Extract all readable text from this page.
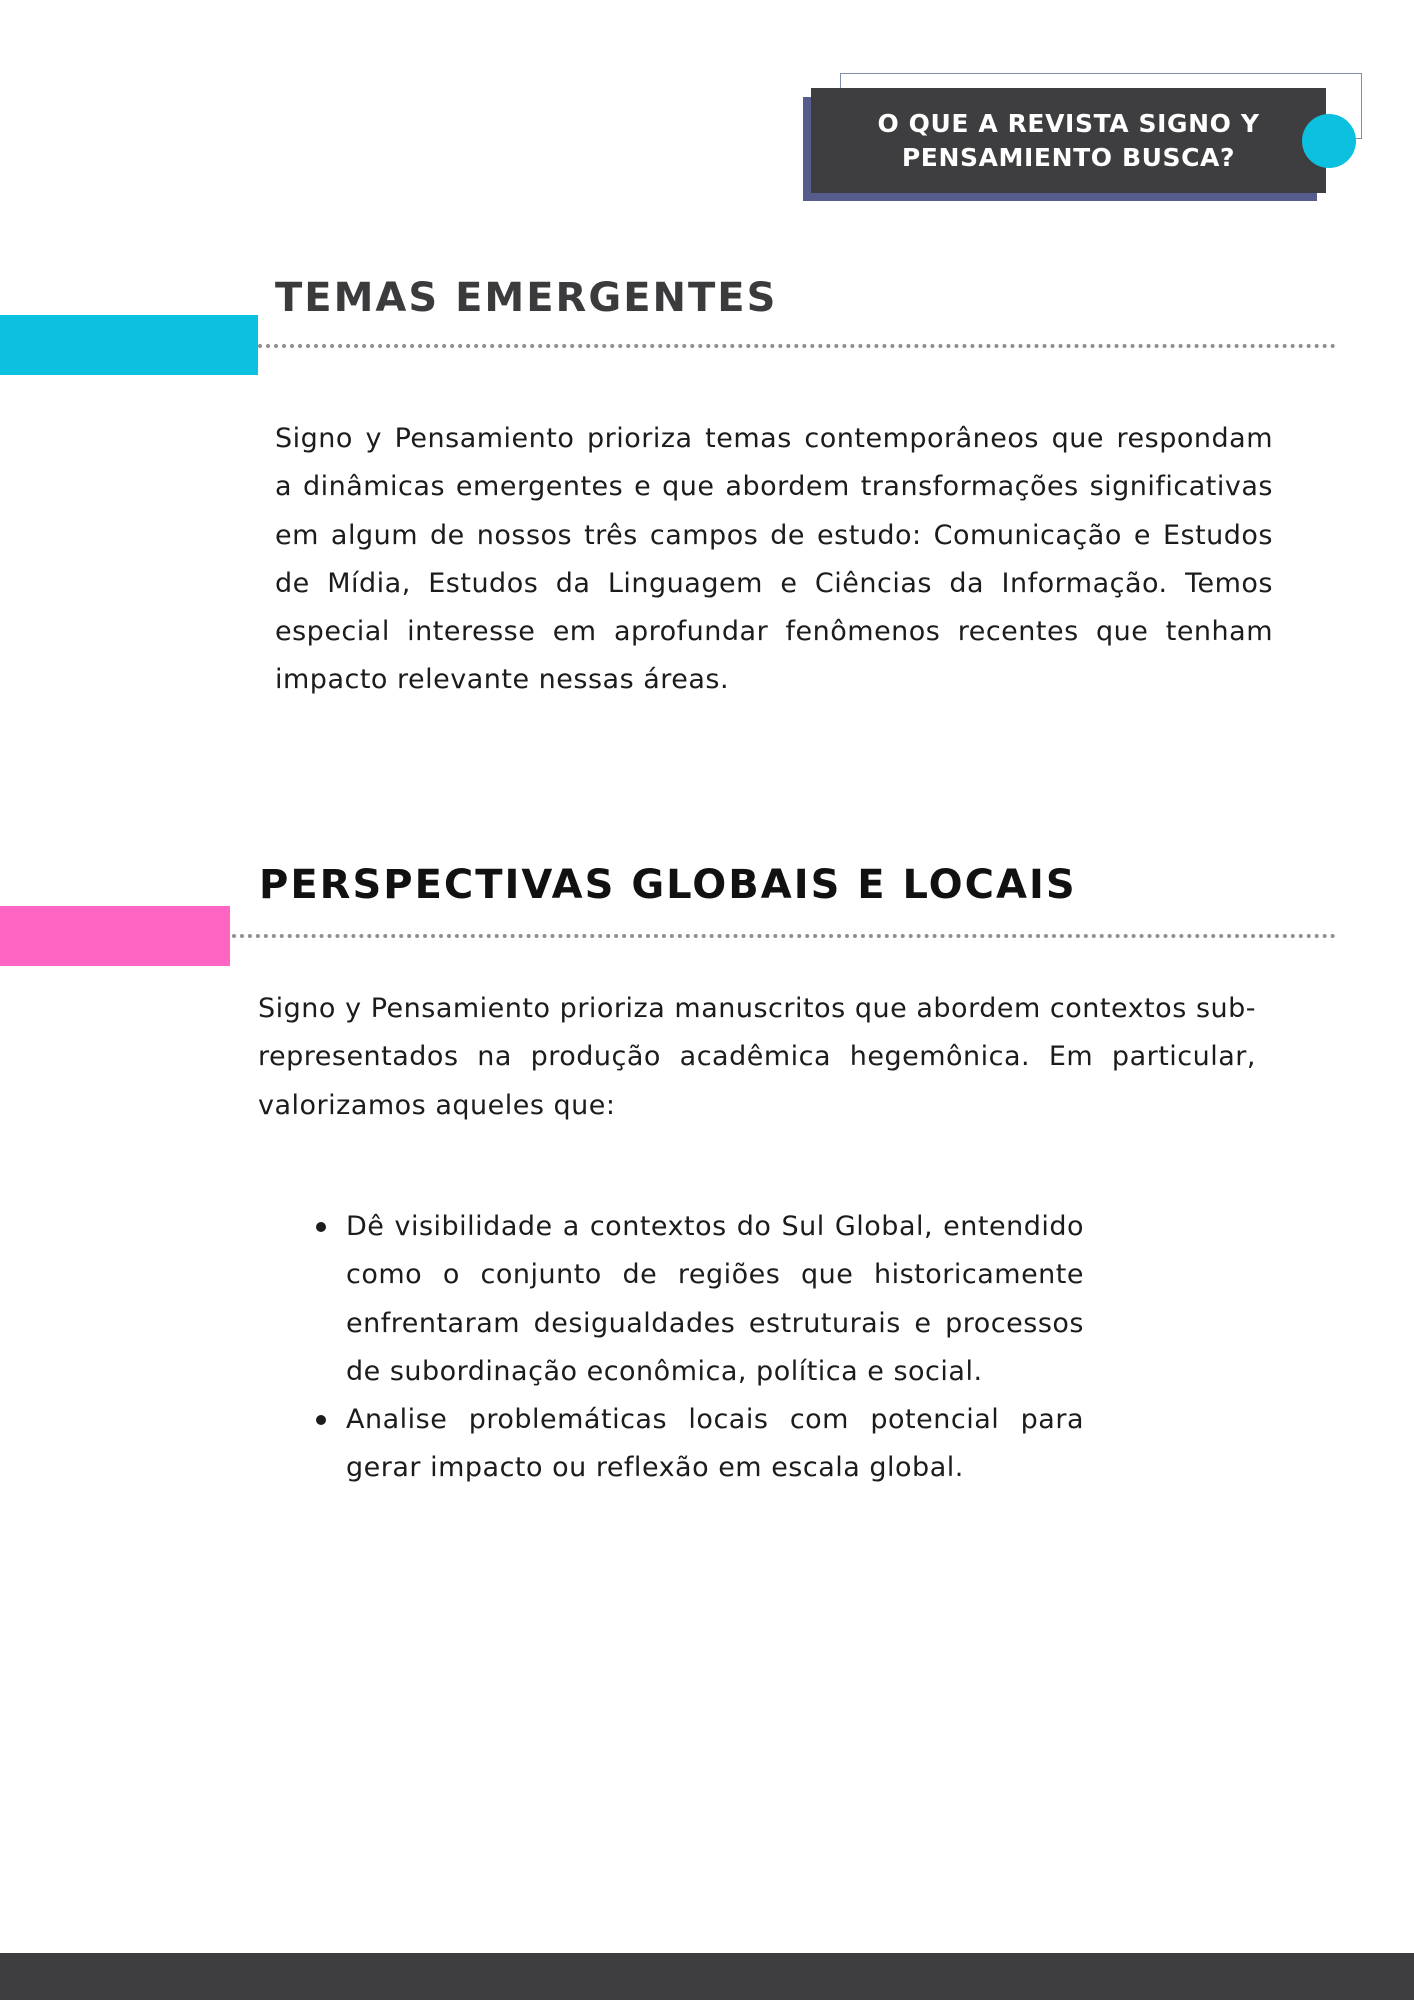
O QUE A REVISTA SIGNO Y PENSAMIENTO BUSCA?
TEMAS EMERGENTES

Signo y Pensamiento prioriza temas contemporâneos que respondam a dinâmicas emergentes e que abordem transformações significativas em algum de nossos três campos de estudo: Comunicação e Estudos de Mídia, Estudos da Linguagem e Ciências da Informação. Temos especial interesse em aprofundar fenômenos recentes que tenham impacto relevante nessas áreas.

PERSPECTIVAS GLOBAIS E LOCAIS

Signo y Pensamiento prioriza manuscritos que abordem contextos sub-representados na produção acadêmica hegemônica. Em particular, valorizamos aqueles que:

Dê visibilidade a contextos do Sul Global, entendido como o conjunto de regiões que historicamente enfrentaram desigualdades estruturais e processos de subordinação econômica, política e social.
Analise problemáticas locais com potencial para gerar impacto ou reflexão em escala global.
